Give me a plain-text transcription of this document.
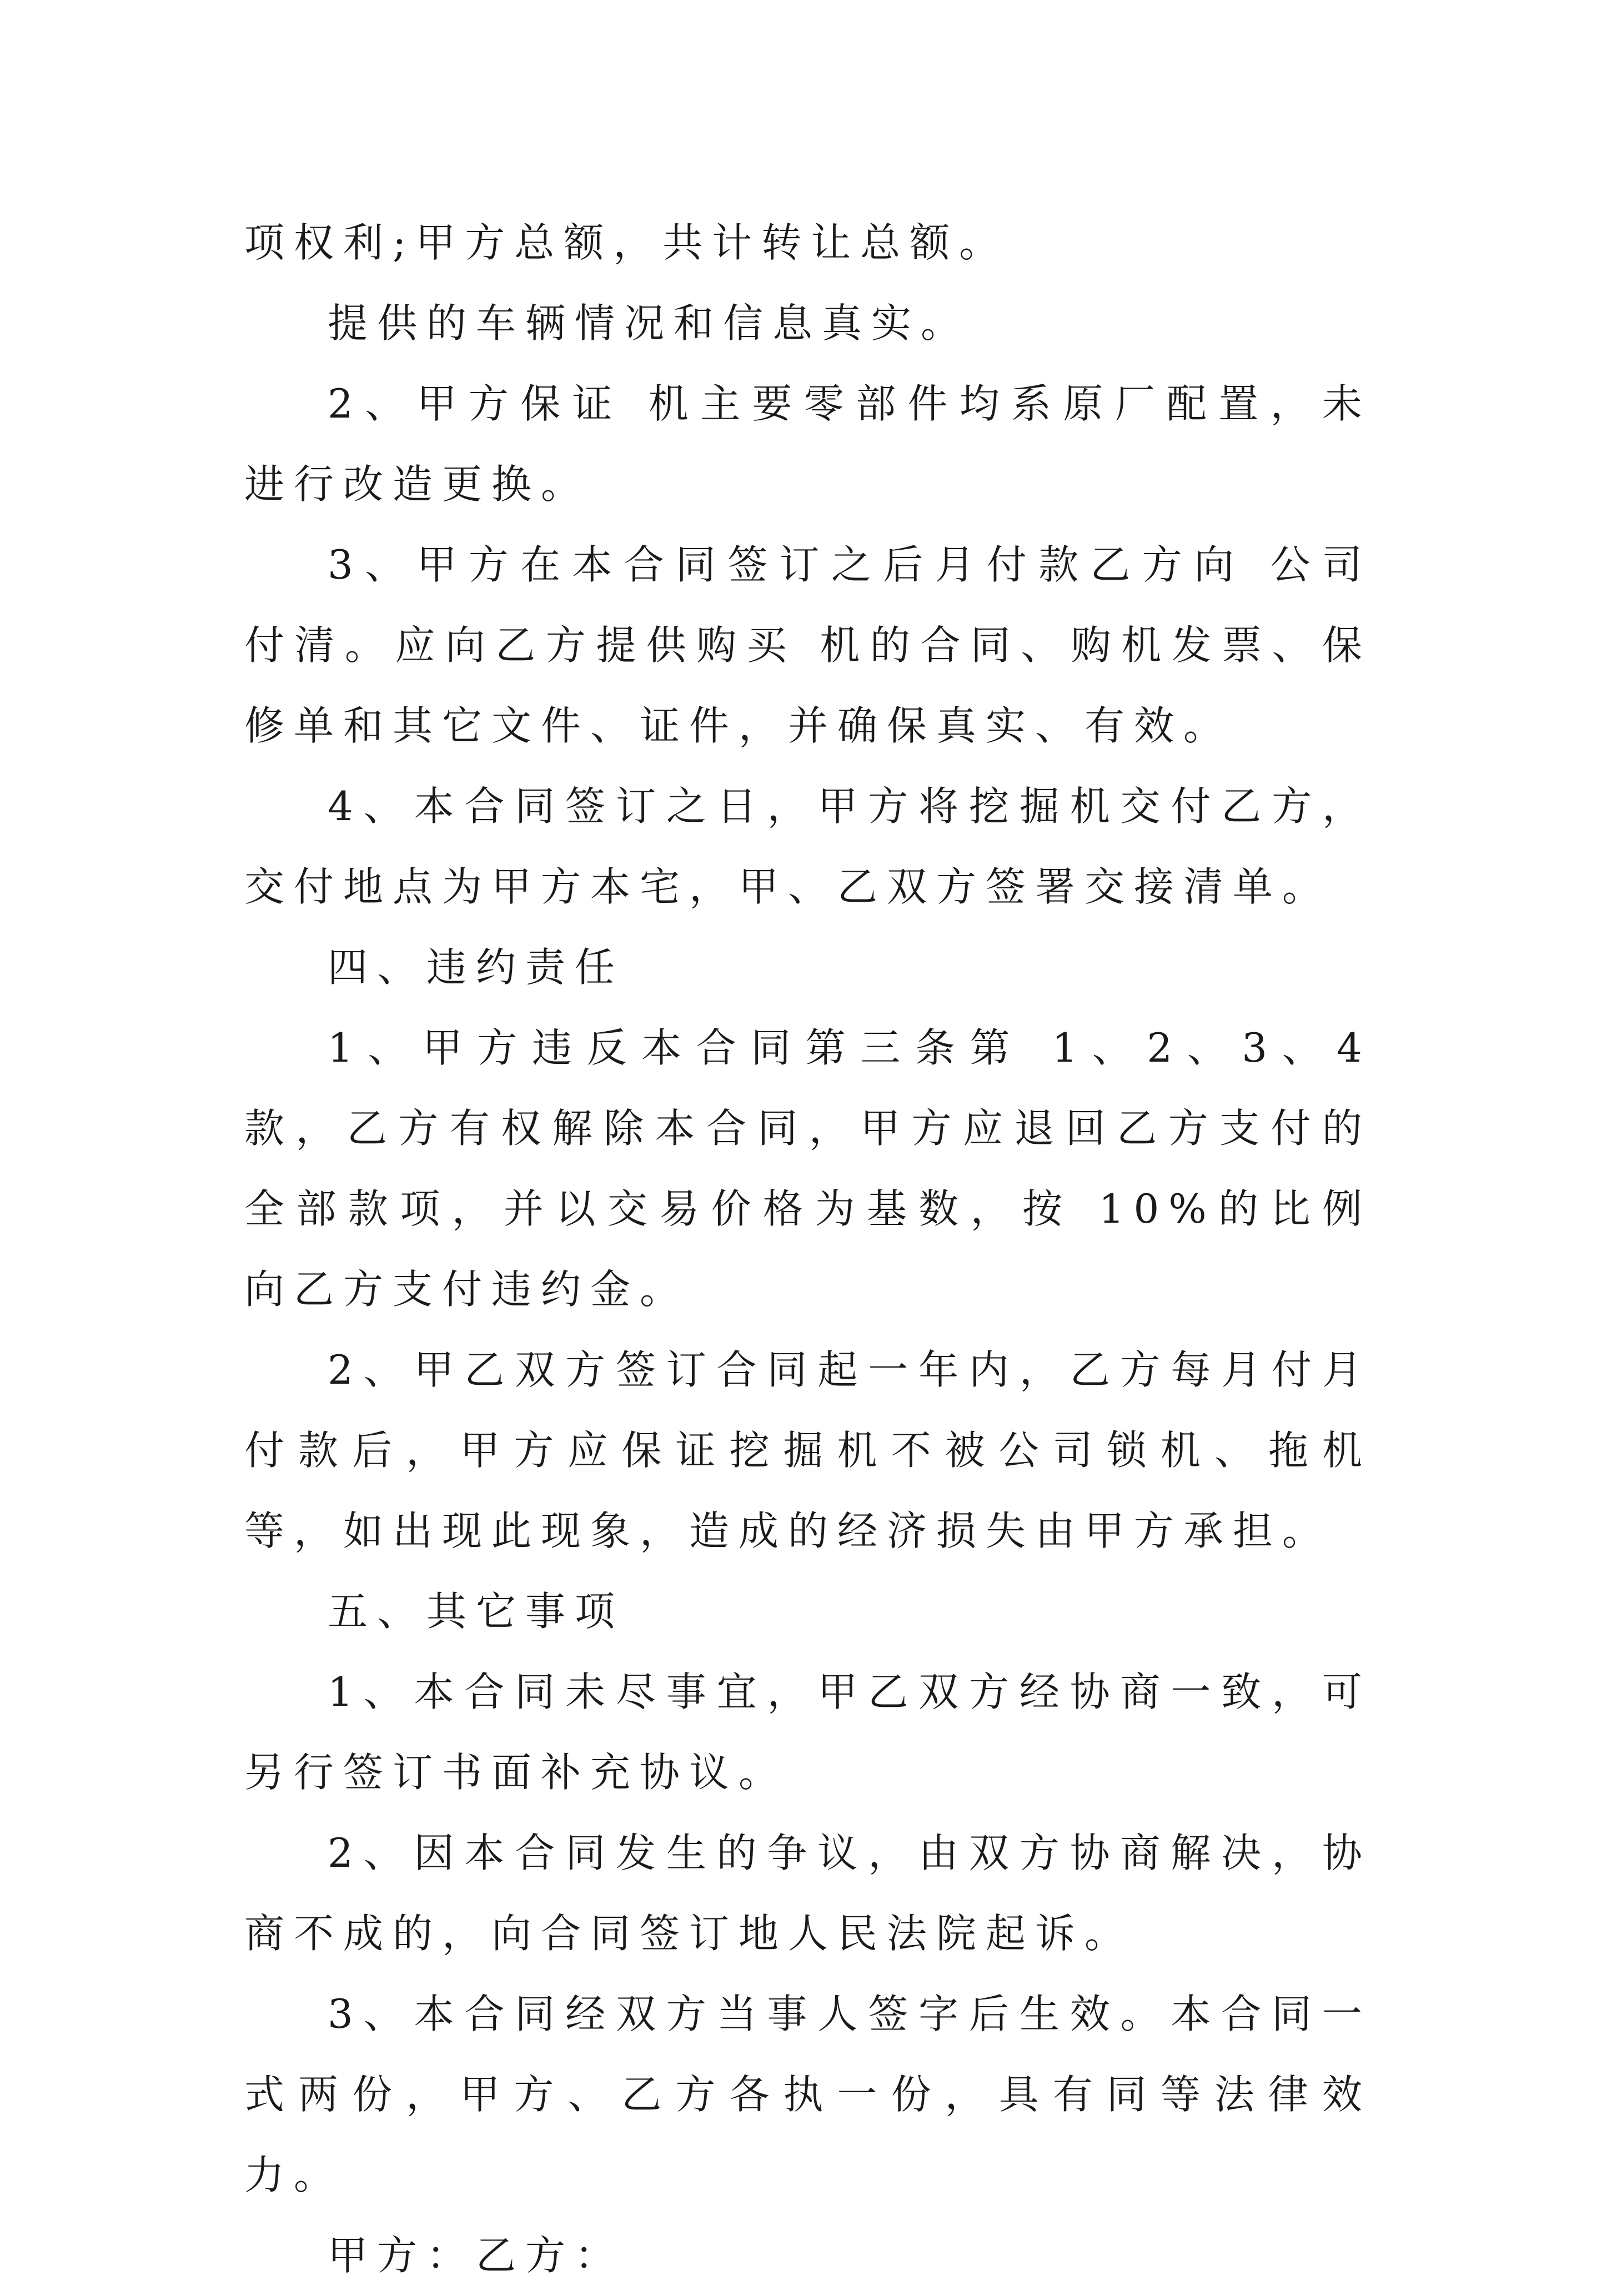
项权利;甲方总额，共计转让总额。

提供的车辆情况和信息真实。

2、甲方保证 机主要零部件均系原厂配置，未进行改造更换。

3、甲方在本合同签订之后月付款乙方向 公司付清。应向乙方提供购买 机的合同、购机发票、保修单和其它文件、证件，并确保真实、有效。

4、本合同签订之日，甲方将挖掘机交付乙方，交付地点为甲方本宅，甲、乙双方签署交接清单。

四、违约责任

1、甲方违反本合同第三条第 1、2、3、4 款，乙方有权解除本合同，甲方应退回乙方支付的全部款项，并以交易价格为基数，按 10%的比例向乙方支付违约金。

2、甲乙双方签订合同起一年内，乙方每月付月付款后，甲方应保证挖掘机不被公司锁机、拖机等，如出现此现象，造成的经济损失由甲方承担。

五、其它事项

1、本合同未尽事宜，甲乙双方经协商一致，可另行签订书面补充协议。

2、因本合同发生的争议，由双方协商解决，协商不成的，向合同签订地人民法院起诉。

3、本合同经双方当事人签字后生效。本合同一式两份，甲方、乙方各执一份，具有同等法律效力。

甲方：乙方：
